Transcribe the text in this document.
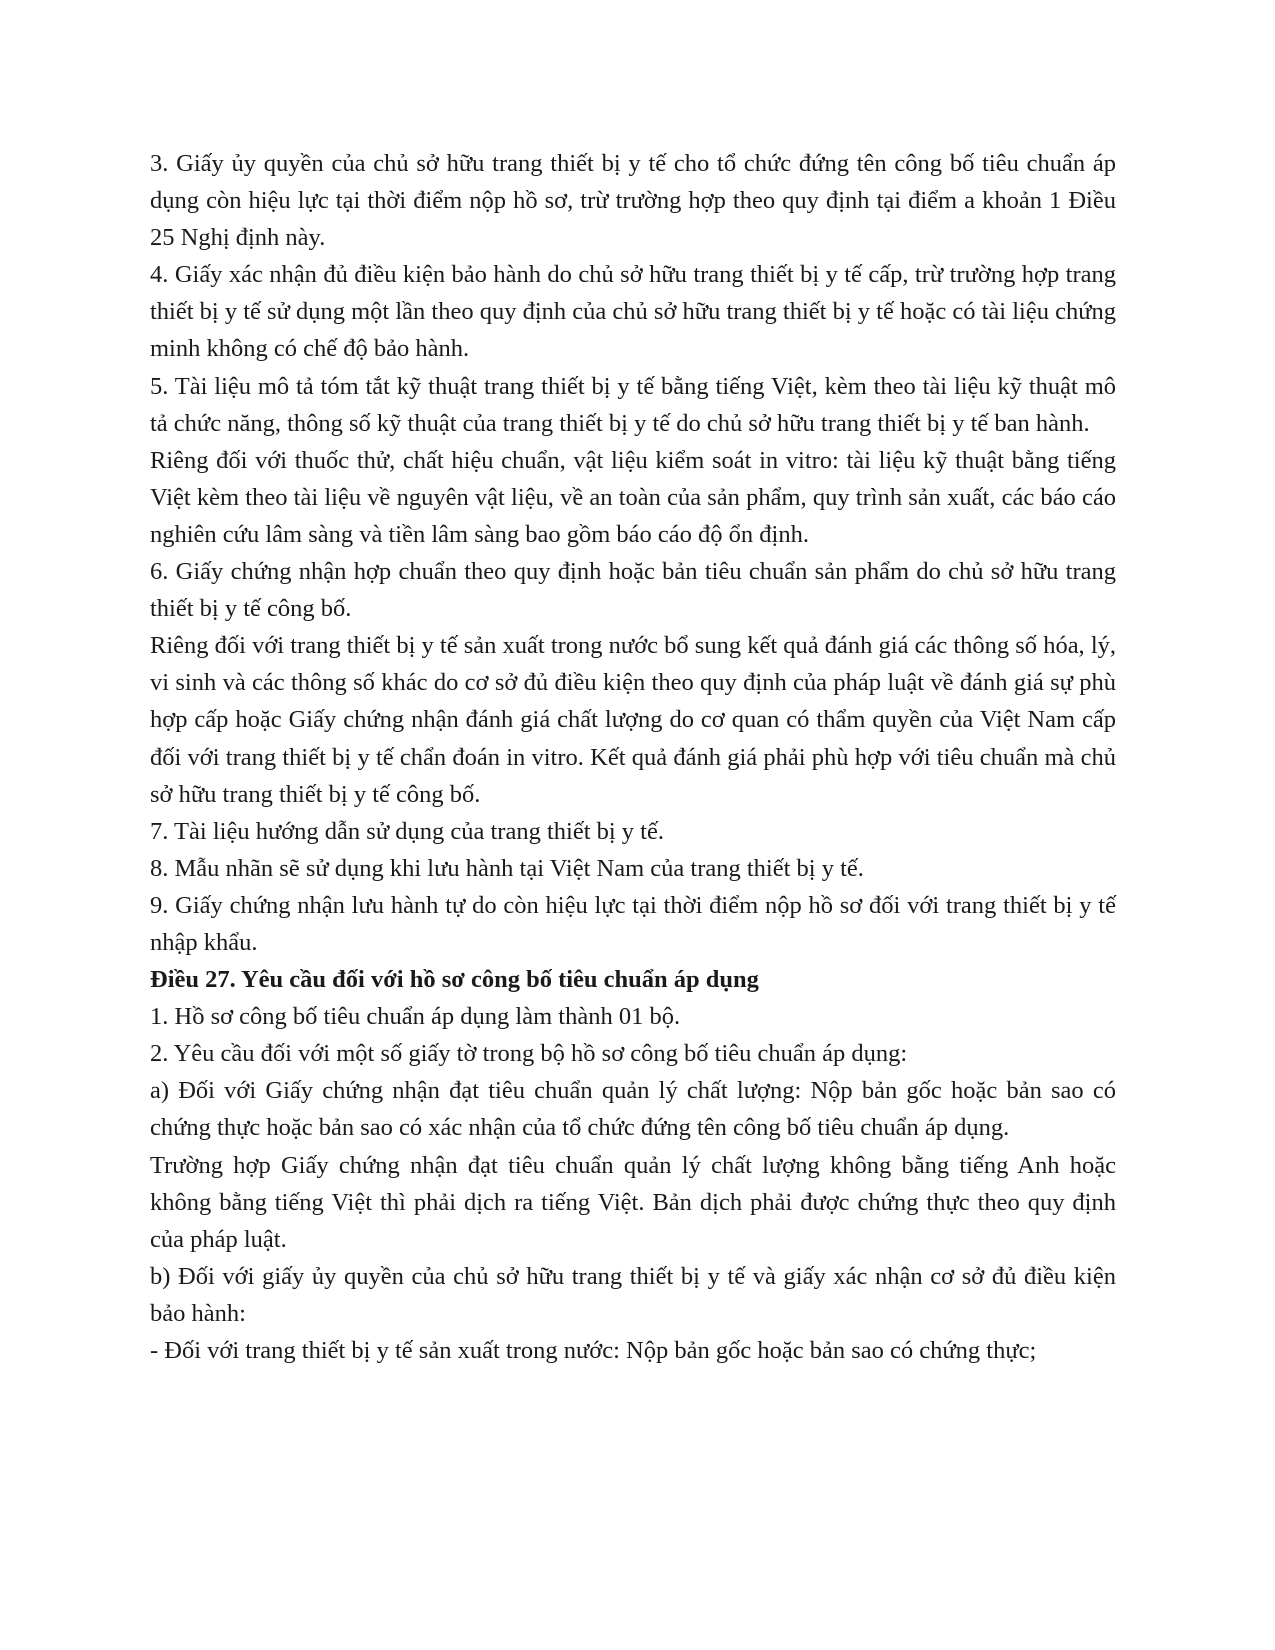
3. Giấy ủy quyền của chủ sở hữu trang thiết bị y tế cho tổ chức đứng tên công bố tiêu chuẩn áp dụng còn hiệu lực tại thời điểm nộp hồ sơ, trừ trường hợp theo quy định tại điểm a khoản 1 Điều 25 Nghị định này.

4. Giấy xác nhận đủ điều kiện bảo hành do chủ sở hữu trang thiết bị y tế cấp, trừ trường hợp trang thiết bị y tế sử dụng một lần theo quy định của chủ sở hữu trang thiết bị y tế hoặc có tài liệu chứng minh không có chế độ bảo hành.

5. Tài liệu mô tả tóm tắt kỹ thuật trang thiết bị y tế bằng tiếng Việt, kèm theo tài liệu kỹ thuật mô tả chức năng, thông số kỹ thuật của trang thiết bị y tế do chủ sở hữu trang thiết bị y tế ban hành.

Riêng đối với thuốc thử, chất hiệu chuẩn, vật liệu kiểm soát in vitro: tài liệu kỹ thuật bằng tiếng Việt kèm theo tài liệu về nguyên vật liệu, về an toàn của sản phẩm, quy trình sản xuất, các báo cáo nghiên cứu lâm sàng và tiền lâm sàng bao gồm báo cáo độ ổn định.

6. Giấy chứng nhận hợp chuẩn theo quy định hoặc bản tiêu chuẩn sản phẩm do chủ sở hữu trang thiết bị y tế công bố.

Riêng đối với trang thiết bị y tế sản xuất trong nước bổ sung kết quả đánh giá các thông số hóa, lý, vi sinh và các thông số khác do cơ sở đủ điều kiện theo quy định của pháp luật về đánh giá sự phù hợp cấp hoặc Giấy chứng nhận đánh giá chất lượng do cơ quan có thẩm quyền của Việt Nam cấp đối với trang thiết bị y tế chẩn đoán in vitro. Kết quả đánh giá phải phù hợp với tiêu chuẩn mà chủ sở hữu trang thiết bị y tế công bố.

7. Tài liệu hướng dẫn sử dụng của trang thiết bị y tế.

8. Mẫu nhãn sẽ sử dụng khi lưu hành tại Việt Nam của trang thiết bị y tế.

9. Giấy chứng nhận lưu hành tự do còn hiệu lực tại thời điểm nộp hồ sơ đối với trang thiết bị y tế nhập khẩu.

Điều 27. Yêu cầu đối với hồ sơ công bố tiêu chuẩn áp dụng

1. Hồ sơ công bố tiêu chuẩn áp dụng làm thành 01 bộ.

2. Yêu cầu đối với một số giấy tờ trong bộ hồ sơ công bố tiêu chuẩn áp dụng:

a) Đối với Giấy chứng nhận đạt tiêu chuẩn quản lý chất lượng: Nộp bản gốc hoặc bản sao có chứng thực hoặc bản sao có xác nhận của tổ chức đứng tên công bố tiêu chuẩn áp dụng.

Trường hợp Giấy chứng nhận đạt tiêu chuẩn quản lý chất lượng không bằng tiếng Anh hoặc không bằng tiếng Việt thì phải dịch ra tiếng Việt. Bản dịch phải được chứng thực theo quy định của pháp luật.

b) Đối với giấy ủy quyền của chủ sở hữu trang thiết bị y tế và giấy xác nhận cơ sở đủ điều kiện bảo hành:

- Đối với trang thiết bị y tế sản xuất trong nước: Nộp bản gốc hoặc bản sao có chứng thực;
